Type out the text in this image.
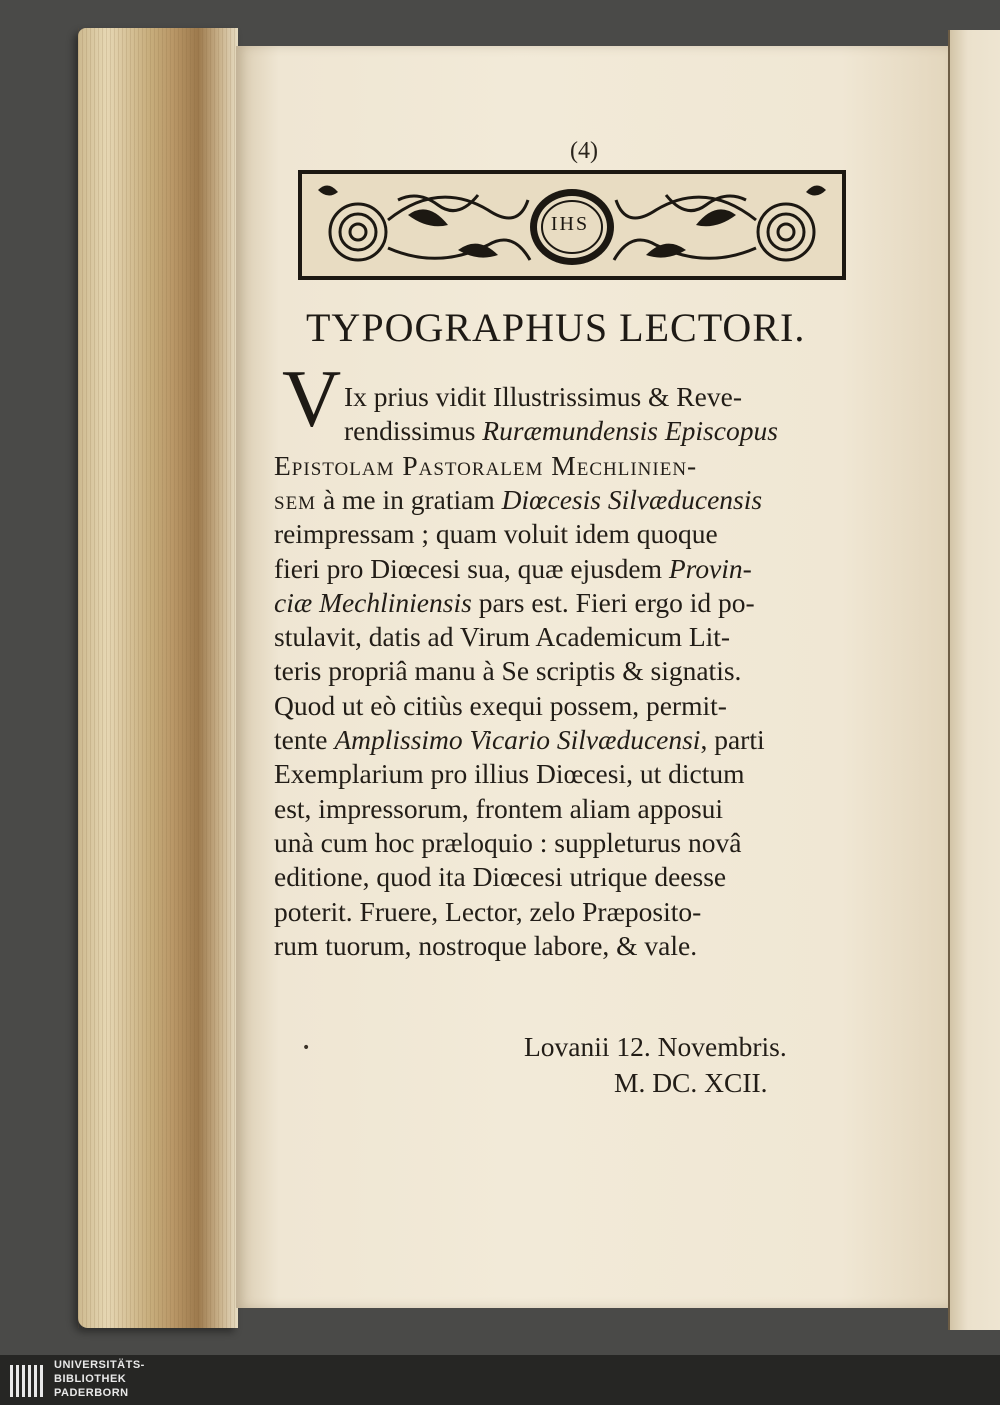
(4)
IHS
TYPOGRAPHUS LECTORI.
V Ix prius vidit Illustrissimus & Reve-
rendissimus Ruræmundensis Episcopus
Epistolam Pastoralem Mechlinien-
sem à me in gratiam Diœcesis Silvæducensis
reimpressam ; quam voluit idem quoque
fieri pro Diœcesi sua, quæ ejusdem Provin-
ciæ Mechliniensis pars est. Fieri ergo id po-
stulavit, datis ad Virum Academicum Lit-
teris propriâ manu à Se scriptis & signatis.
Quod ut eò citiùs exequi possem, permit-
tente Amplissimo Vicario Silvæducensi, parti
Exemplarium pro illius Diœcesi, ut dictum
est, impressorum, frontem aliam apposui
unà cum hoc præloquio : suppleturus novâ
editione, quod ita Diœcesi utrique deesse
poterit. Fruere, Lector, zelo Præposito-
rum tuorum, nostroque labore, & vale.
•	Lovanii 12. Novembris.
M. DC. XCII.
UNIVERSITÄTS-
BIBLIOTHEK
PADERBORN
